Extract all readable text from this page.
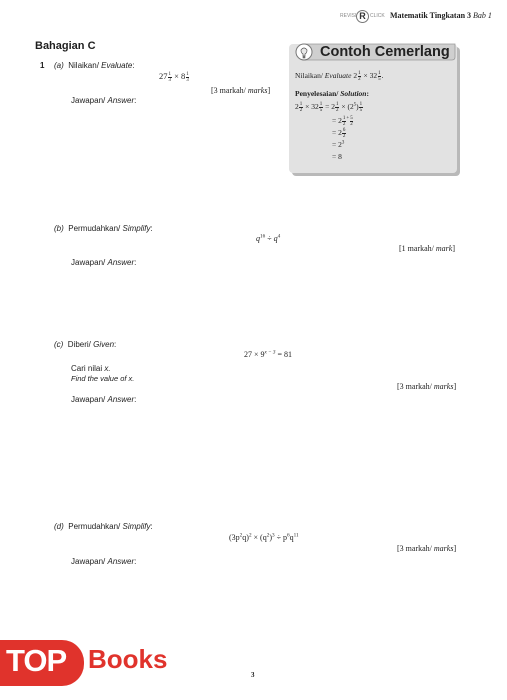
REVISI R CLICK Matematik Tingkatan 3 Bab 1
Bahagian C
1 (a) Nilaikan/ Evaluate:
$27 \frac{1}{3} \times 8 \frac{1}{3}$
[3 markah/ marks]
Jawapan/ Answer:
Contoh Cemerlang
Nilaikan/ Evaluate $2 \frac{1}{2} \times 32 \frac{1}{5}$ .
Penyelesaian/ Solution:
$2 \frac{1}{2} \times 32 \frac{1}{5} = 2 \frac{1}{2} \times (2^5) \frac{1}{5}$
= $2 \frac{1}{2} ^+ \frac{5}{2}$
= $2 \frac{6}{2}$
= $2^3$
= 8
(b) Permudahkan/ Simplify:
$q^{16} \div q^4$
[1 markah/ mark]
Jawapan/ Answer:
(c) Diberi/ Given:
$27 \times 9^{x - 3} = 81$
Cari nilai x.
Find the value of x.
[3 markah/ marks]
Jawapan/ Answer:
(d) Permudahkan/ Simplify:
$(3p^2q)^2 \times (q^2)^3 \div p^6q^{11}$
[3 markah/ marks]
Jawapan/ Answer:
3
TOP Books
